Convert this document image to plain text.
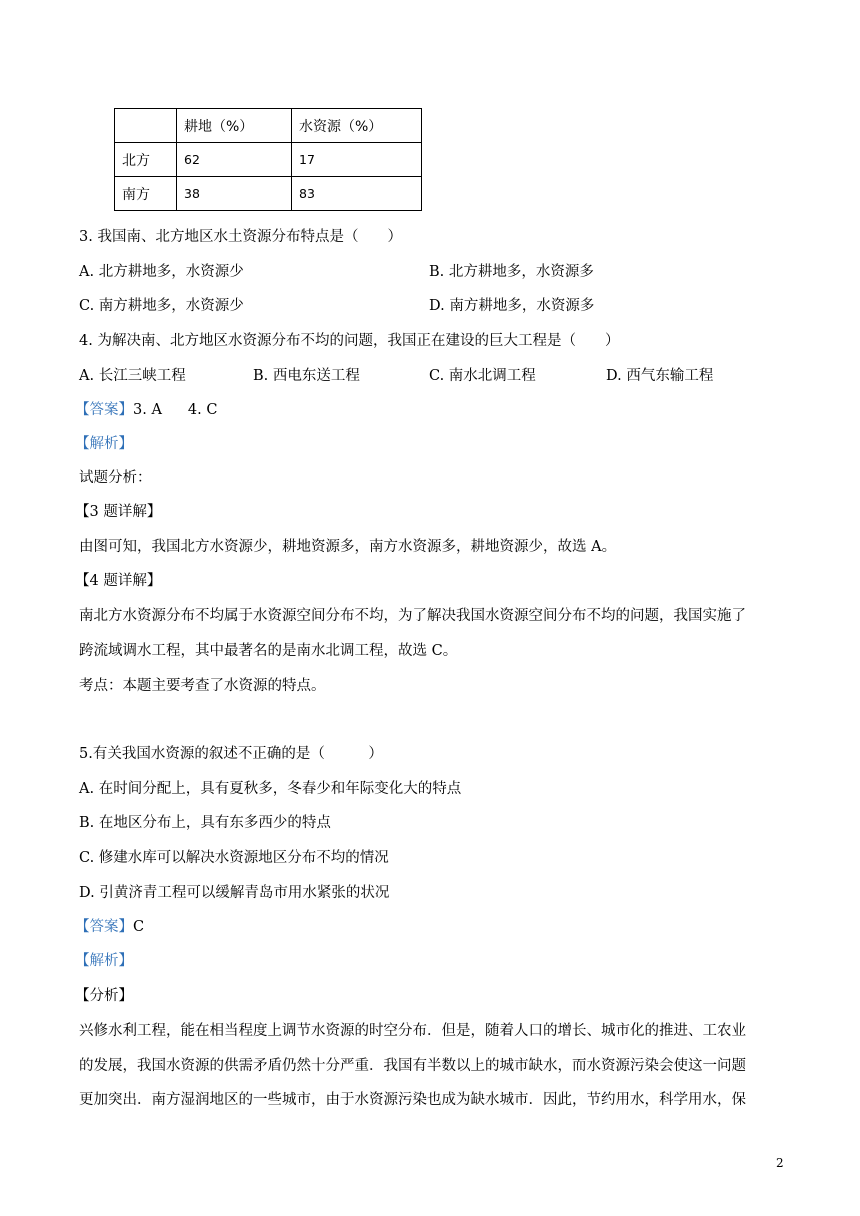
	耕地（%）	水资源（%）
北方	62	17
南方	38	83
3. 我国南、北方地区水土资源分布特点是（　　）
A. 北方耕地多，水资源少	B. 北方耕地多，水资源多
C. 南方耕地多，水资源少	D. 南方耕地多，水资源多
4. 为解决南、北方地区水资源分布不均的问题，我国正在建设的巨大工程是（　　）
A. 长江三峡工程	B. 西电东送工程	C. 南水北调工程	D. 西气东输工程
【答案】3. A 4. C
【解析】
试题分析：
【3 题详解】
由图可知，我国北方水资源少，耕地资源多，南方水资源多，耕地资源少，故选 A。
【4 题详解】
南北方水资源分布不均属于水资源空间分布不均，为了解决我国水资源空间分布不均的问题，我国实施了
跨流域调水工程，其中最著名的是南水北调工程，故选 C。
考点：本题主要考查了水资源的特点。
5.有关我国水资源的叙述不正确的是（　　　）
A. 在时间分配上，具有夏秋多，冬春少和年际变化大的特点
B. 在地区分布上，具有东多西少的特点
C. 修建水库可以解决水资源地区分布不均的情况
D. 引黄济青工程可以缓解青岛市用水紧张的状况
【答案】C
【解析】
【分析】
兴修水利工程，能在相当程度上调节水资源的时空分布．但是，随着人口的增长、城市化的推进、工农业
的发展，我国水资源的供需矛盾仍然十分严重．我国有半数以上的城市缺水，而水资源污染会使这一问题
更加突出．南方湿润地区的一些城市，由于水资源污染也成为缺水城市．因此，节约用水，科学用水，保
2
